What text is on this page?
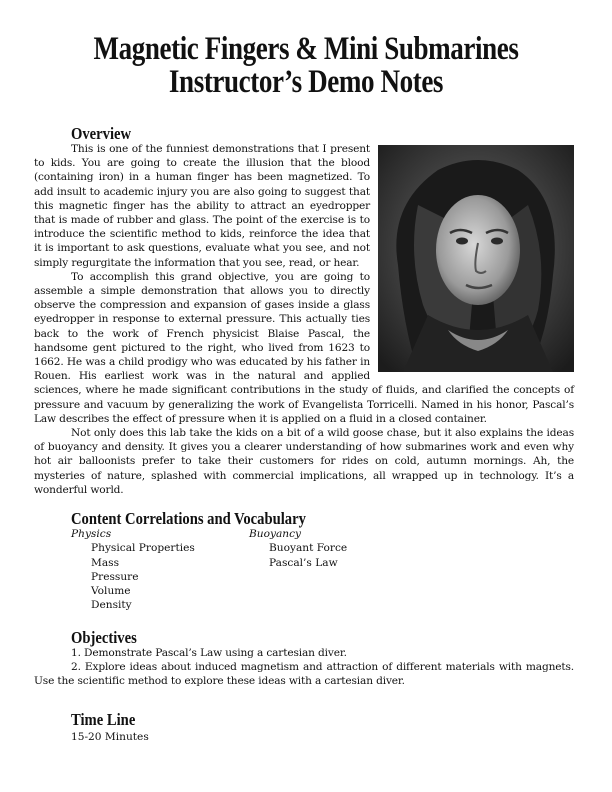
Magnetic Fingers & Mini Submarines
Instructor’s Demo Notes
Overview

This is one of the funniest demonstrations that I present to kids. You are going to create the illusion that the blood (containing iron) in a human finger has been magnetized. To add insult to academic injury you are also going to suggest that this magnetic finger has the ability to attract an eyedropper that is made of rubber and glass. The point of the exercise is to introduce the scientific method to kids, reinforce the idea that it is important to ask questions, evaluate what you see, and not simply regurgitate the information that you see, read, or hear.

To accomplish this grand objective, you are going to assemble a simple demonstration that allows you to directly observe the compression and expansion of gases inside a glass eyedropper in response to external pressure. This actually ties back to the work of French physicist Blaise Pascal, the handsome gent pictured to the right, who lived from 1623 to 1662. He was a child prodigy who was educated by his father in Rouen. His earliest work was in the natural and applied sciences, where he made significant contributions in the study of fluids, and clarified the concepts of pressure and vacuum by generalizing the work of Evangelista Torricelli. Named in his honor, Pascal’s Law describes the effect of pressure when it is applied on a fluid in a closed container.

Not only does this lab take the kids on a bit of a wild goose chase, but it also explains the ideas of buoyancy and density. It gives you a clearer understanding of how submarines work and even why hot air balloonists prefer to take their customers for rides on cold, autumn mornings. Ah, the mysteries of nature, splashed with commercial implications, all wrapped up in technology. It’s a wonderful world.

Content Correlations and Vocabulary
Physics
Physical Properties
Mass
Pressure
Volume
Density
Buoyancy
Buoyant Force
Pascal’s Law
Objectives

1. Demonstrate Pascal’s Law using a cartesian diver.

2. Explore ideas about induced magnetism and attraction of different materials with magnets. Use the scientific method to explore these ideas with a cartesian diver.

Time Line
15-20 Minutes
